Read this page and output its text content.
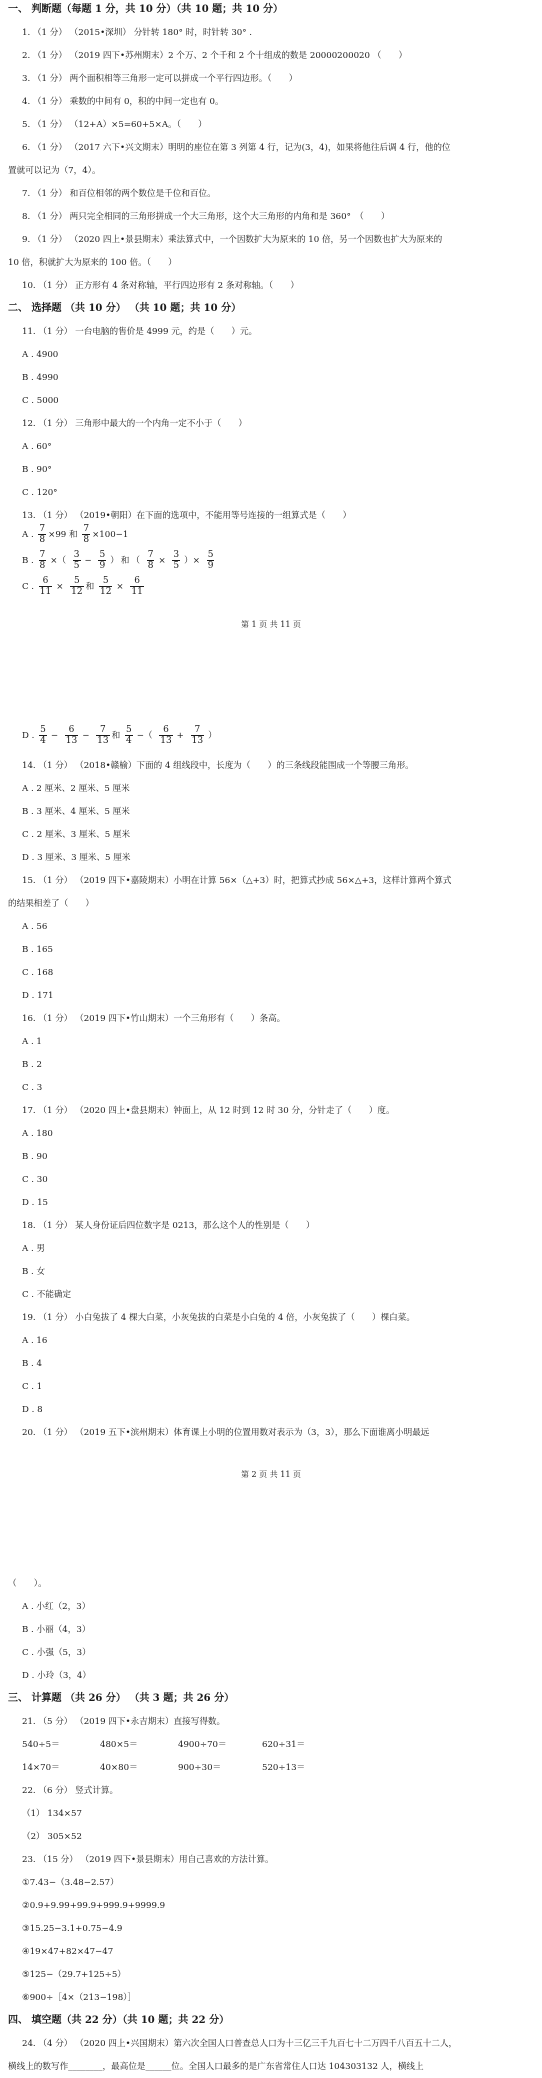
一、 判断题（每题 1 分，共 10 分）（共 10 题；共 10 分）
1. （1 分） （2015•深圳） 分针转 180° 时，时针转 30° .
2. （1 分） （2019 四下•苏州期末）2 个万、2 个千和 2 个十组成的数是 20000200020 （　　）
3. （1 分） 两个面积相等三角形一定可以拼成一个平行四边形。（　　）
4. （1 分） 乘数的中间有 0，积的中间一定也有 0。
5. （1 分） （12+A）×5=60+5×A。（　　）
6. （1 分） （2017 六下•兴文期末）明明的座位在第 3 列第 4 行，记为(3，4)，如果将他往后调 4 行，他的位
置就可以记为（7，4）。
7. （1 分） 和百位相邻的两个数位是千位和百位。
8. （1 分） 两只完全相同的三角形拼成一个大三角形，这个大三角形的内角和是 360°　（　　）
9. （1 分） （2020 四上•景县期末）乘法算式中，一个因数扩大为原来的 10 倍，另一个因数也扩大为原来的
10 倍，积就扩大为原来的 100 倍。（　　）
10. （1 分） 正方形有 4 条对称轴，平行四边形有 2 条对称轴。（　　）
二、 选择题 （共 10 分） （共 10 题；共 10 分）
11. （1 分） 一台电脑的售价是 4999 元，约是（　　）元。
A . 4900
B . 4990
C . 5000
12. （1 分） 三角形中最大的一个内角一定不小于（　　）
A . 60°
B . 90°
C . 120°
13. （1 分） （2019•朝阳）在下面的选项中，不能用等号连接的一组算式是（　　）
A . $\frac{7}{8} \times 99$ 和 $\frac{7}{8} \times 100-1$
B . $\frac{7}{8}$ ×（ $\frac{3}{5} - \frac{5}{9}$ ） 和 （ $\frac{7}{8} \times \frac{3}{5}$ ）× $\frac{5}{9}$
C . $\frac{6}{11} \times \frac{5}{12}$ 和 $\frac{5}{12} \times \frac{6}{11}$
第 1 页 共 11 页
D . $\frac{5}{4} - \frac{6}{13} - \frac{7}{13}$ 和 $\frac{5}{4}$ −（ $\frac{6}{13} + \frac{7}{13}$ ）
14. （1 分） （2018•赣榆）下面的 4 组线段中，长度为（　　）的三条线段能围成一个等腰三角形。
A . 2 厘米、2 厘米、5 厘米
B . 3 厘米、4 厘米、5 厘米
C . 2 厘米、3 厘米、5 厘米
D . 3 厘米、3 厘米、5 厘米
15. （1 分） （2019 四下•嘉陵期末）小明在计算 56×（△+3）时，把算式抄成 56×△+3，这样计算两个算式
的结果相差了（　　）
A . 56
B . 165
C . 168
D . 171
16. （1 分） （2019 四下•竹山期末）一个三角形有（　　）条高。
A . 1
B . 2
C . 3
17. （1 分） （2020 四上•盘县期末）钟面上，从 12 时到 12 时 30 分，分针走了（　　）度。
A . 180
B . 90
C . 30
D . 15
18. （1 分） 某人身份证后四位数字是 0213，那么这个人的性别是（　　）
A . 男
B . 女
C . 不能确定
19. （1 分） 小白兔拔了 4 棵大白菜，小灰兔拔的白菜是小白兔的 4 倍，小灰兔拔了（　　）棵白菜。
A . 16
B . 4
C . 1
D . 8
20. （1 分） （2019 五下•滨州期末）体育课上小明的位置用数对表示为（3，3），那么下面谁离小明最远
第 2 页 共 11 页
（　　）。
A . 小红（2，3）
B . 小丽（4，3）
C . 小强（5，3）
D . 小玲（3，4）
三、 计算题 （共 26 分） （共 3 题；共 26 分）
21. （5 分） （2019 四下•永吉期末）直接写得数。
540÷5＝	480×5＝	4900÷70＝	620÷31＝
14×70＝	40×80＝	900÷30＝	520÷13＝
22. （6 分） 竖式计算。
（1） 134×57
（2） 305×52
23. （15 分） （2019 四下•景县期末）用自己喜欢的方法计算。
①7.43−（3.48−2.57）
②0.9+9.99+99.9+999.9+9999.9
③15.25−3.1+0.75−4.9
④19×47+82×47−47
⑤125−（29.7+125÷5）
⑥900÷［4×（213−198）］
四、 填空题（共 22 分）（共 10 题；共 22 分）
24. （4 分） （2020 四上•兴国期末）第六次全国人口普查总人口为十三亿三千九百七十二万四千八百五十二人，
横线上的数写作________，最高位是______位。全国人口最多的是广东省常住人口达 104303132 人，横线上
